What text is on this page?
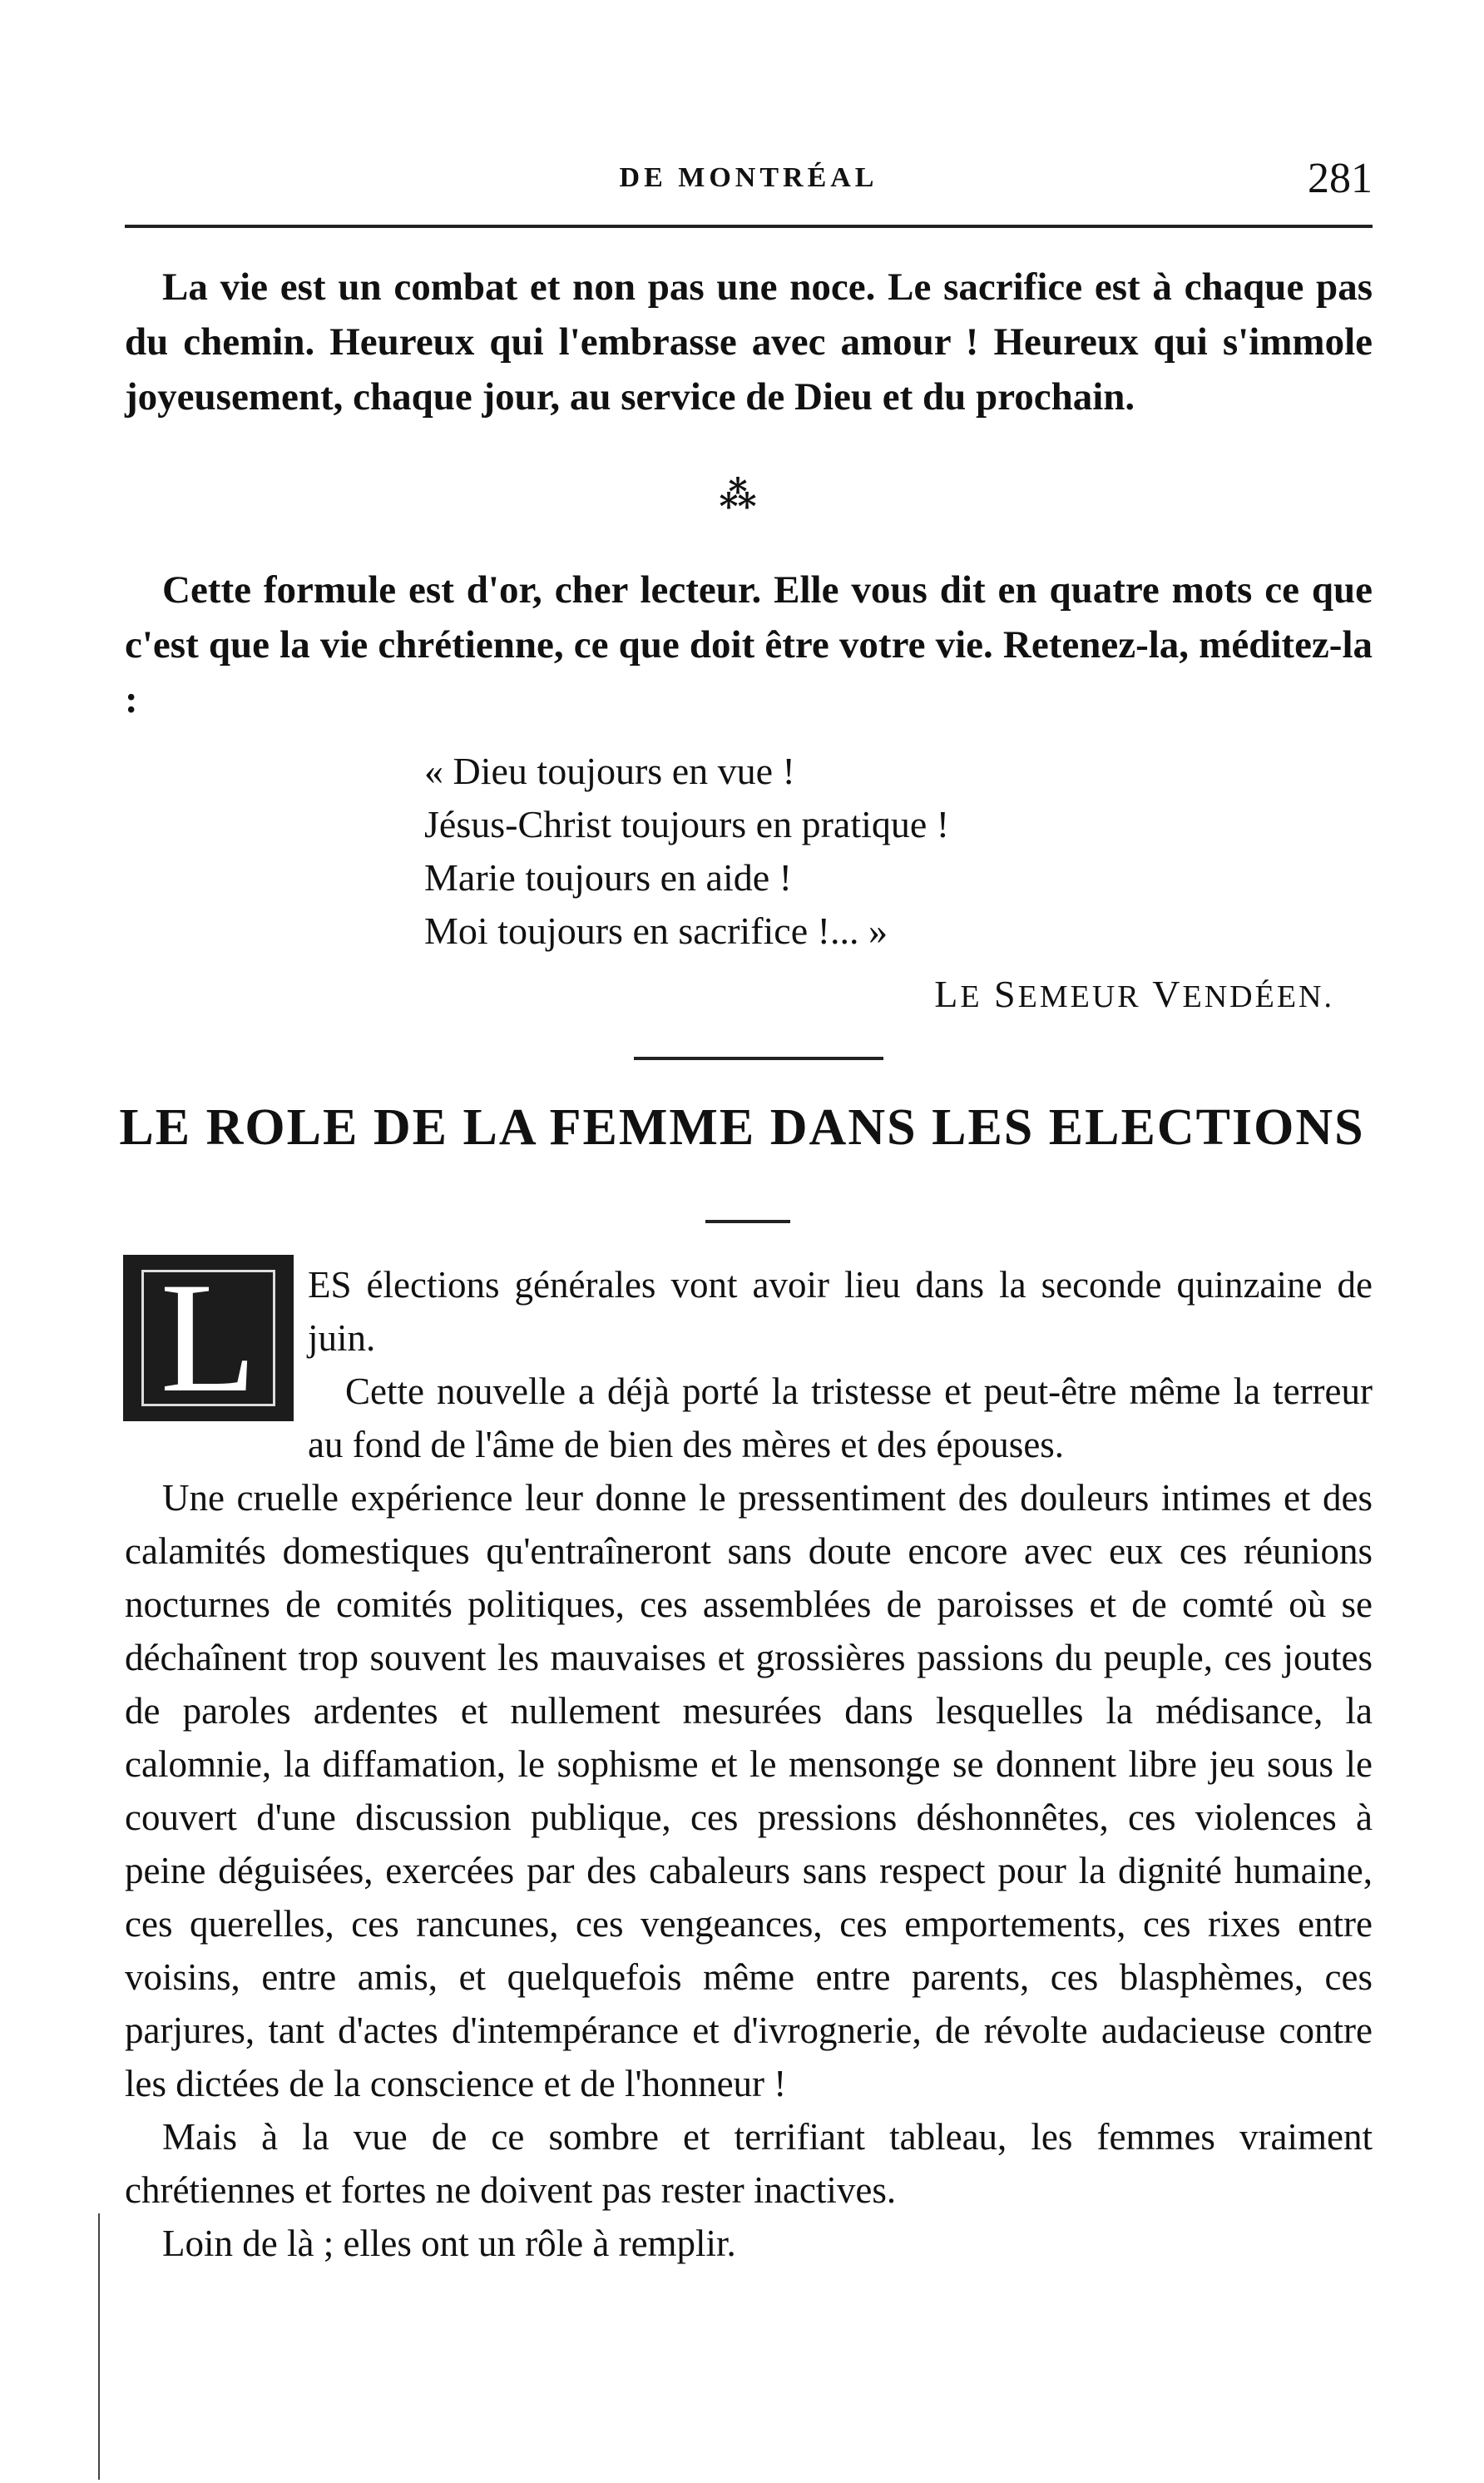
DE MONTRÉAL	281

La vie est un combat et non pas une noce. Le sacrifice est à chaque pas du chemin. Heureux qui l'embrasse avec amour ! Heureux qui s'immole joyeusement, chaque jour, au service de Dieu et du prochain.

⁂

Cette formule est d'or, cher lecteur. Elle vous dit en quatre mots ce que c'est que la vie chrétienne, ce que doit être votre vie. Retenez-la, méditez-la :

« Dieu toujours en vue !
Jésus-Christ toujours en pratique !
Marie toujours en aide !
Moi toujours en sacrifice !... »
LE SEMEUR VENDÉEN.
LE ROLE DE LA FEMME DANS LES ELECTIONS

ES élections générales vont avoir lieu dans la seconde quinzaine de juin.

Cette nouvelle a déjà porté la tristesse et peut-être même la terreur au fond de l'âme de bien des mères et des épouses.

Une cruelle expérience leur donne le pressentiment des douleurs intimes et des calamités domestiques qu'entraîneront sans doute encore avec eux ces réunions nocturnes de comités politiques, ces assemblées de paroisses et de comté où se déchaînent trop souvent les mauvaises et grossières passions du peuple, ces joutes de paroles ardentes et nullement mesurées dans lesquelles la médisance, la calomnie, la diffamation, le sophisme et le mensonge se donnent libre jeu sous le couvert d'une discussion publique, ces pressions déshonnêtes, ces violences à peine déguisées, exercées par des cabaleurs sans respect pour la dignité humaine, ces querelles, ces rancunes, ces vengeances, ces emportements, ces rixes entre voisins, entre amis, et quelquefois même entre parents, ces blasphèmes, ces parjures, tant d'actes d'intempérance et d'ivrognerie, de révolte audacieuse contre les dictées de la conscience et de l'honneur !

Mais à la vue de ce sombre et terrifiant tableau, les femmes vraiment chrétiennes et fortes ne doivent pas rester inactives.

Loin de là ; elles ont un rôle à remplir.

L
